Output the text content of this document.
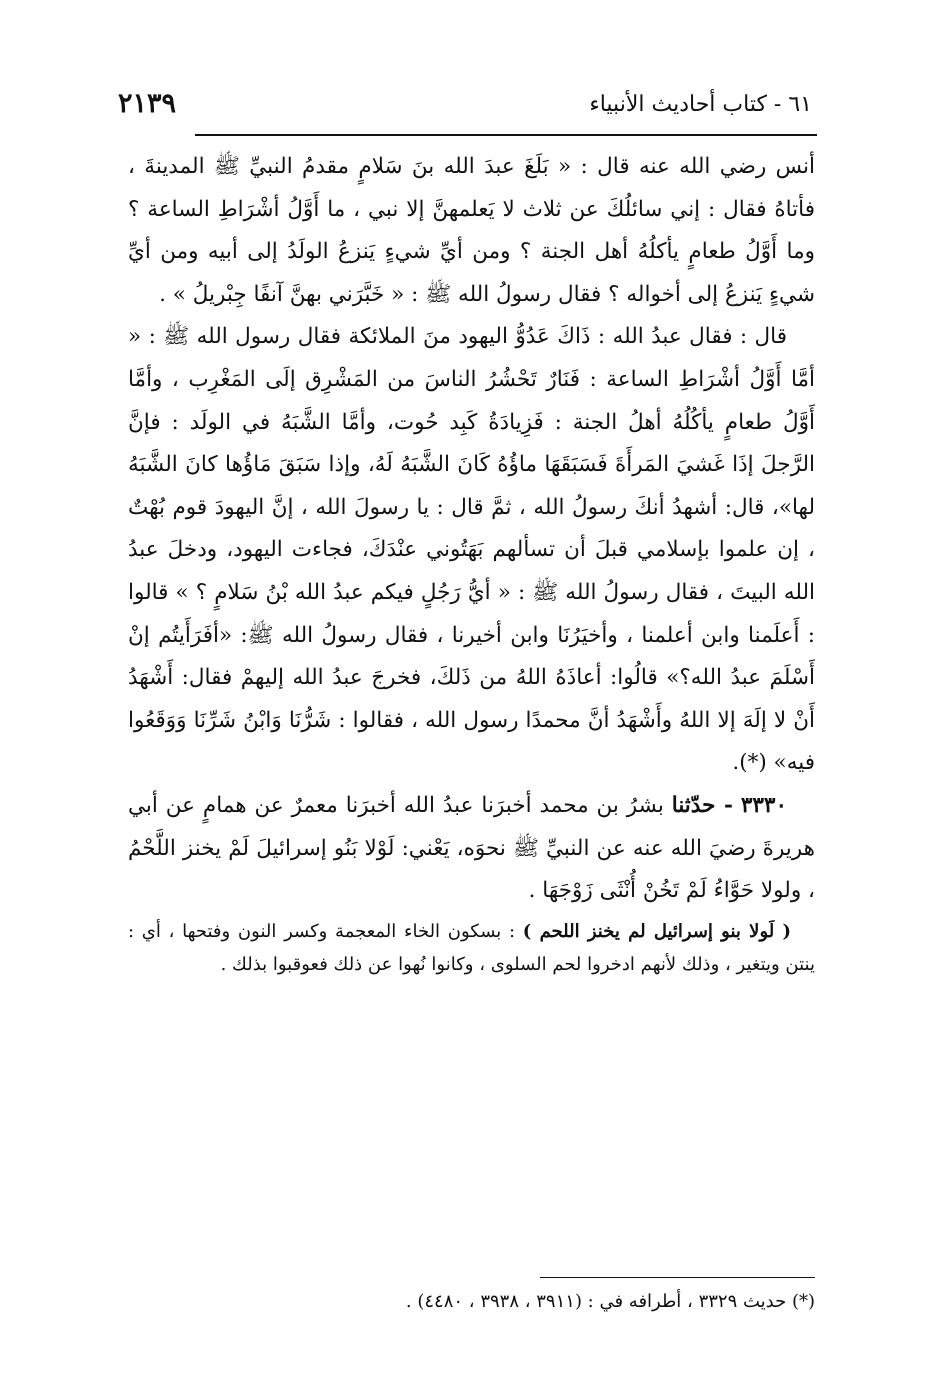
٦١ - كتاب أحاديث الأنبياء
٢١٣٩

أنس رضي الله عنه قال : « بَلَغَ عبدَ الله بنَ سَلامٍ مقدمُ النبيِّ ﷺ المدينةَ ، فأتاهُ فقال : إني سائلُكَ عن ثلاث لا يَعلمهنَّ إلا نبي ، ما أَوَّلُ أشْرَاطِ الساعة ؟ وما أَوَّلُ طعامٍ يأكلُهُ أهل الجنة ؟ ومن أيِّ شيءٍ يَنزعُ الولَدُ إلى أبيه ومن أيِّ شيءٍ يَنزعُ إلى أخواله ؟ فقال رسولُ الله ﷺ : « خَبَّرَني بهنَّ آنفًا جِبْريلُ » .

قال : فقال عبدُ الله : ذَاكَ عَدُوُّ اليهود منَ الملائكة فقال رسول الله ﷺ : « أمَّا أَوَّلُ أشْرَاطِ الساعة : فَنَارٌ تَحْشُرُ الناسَ من المَشْرِق إلَى المَغْرِب ، وأمَّا أَوَّلُ طعامٍ يأكُلُهُ أهلُ الجنة : فَزِيادَةُ كَبِد حُوت، وأمَّا الشَّبَهُ في الولَد : فإنَّ الرَّجلَ إذَا غَشيَ المَرأَةَ فَسَبَقَهَا ماؤُهُ كَانَ الشَّبَهُ لَهُ، وإذا سَبَقَ مَاؤُها كانَ الشَّبَهُ لها»، قال: أشهدُ أنكَ رسولُ الله ، ثمَّ قال : يا رسولَ الله ، إنَّ اليهودَ قوم بُهْتٌ ، إن علموا بإسلامي قبلَ أن تسألهم بَهَتُوني عنْدَكَ، فجاءت اليهود، ودخلَ عبدُ الله البيتَ ، فقال رسولُ الله ﷺ : « أيُّ رَجُلٍ فيكم عبدُ الله بْنُ سَلامٍ ؟ » قالوا : أَعلَمنا وابن أعلمنا ، وأخيَرُنَا وابن أخيرنا ، فقال رسولُ الله ﷺ: «أفَرَأَيتُم إنْ أَسْلَمَ عبدُ الله؟» قالُوا: أعاذَهُ اللهُ من ذَلكَ، فخرجَ عبدُ الله إليهمْ فقال: أَشْهَدُ أَنْ لا إلَهَ إلا اللهُ وأَشْهَدُ أنَّ محمدًا رسول الله ، فقالوا : شَرُّنَا وَابْنُ شَرِّنَا وَوَقَعُوا فيه» (*).

٣٣٣٠ - حدّثنا بشرُ بن محمد أخبرَنا عبدُ الله أخبرَنا معمرٌ عن همامٍ عن أبي هريرةَ رضيَ الله عنه عن النبيِّ ﷺ نحوَه، يَعْني: لَوْلا بَنُو إسرائيلَ لَمْ يخنز اللَّحْمُ ، ولولا حَوَّاءُ لَمْ تَخُنْ أُنْثَى زَوْجَهَا .

( لَولا بنو إسرائيل لم يخنز اللحم ) : بسكون الخاء المعجمة وكسر النون وفتحها ، أي : ينتن ويتغير ، وذلك لأنهم ادخروا لحم السلوى ، وكانوا نُهوا عن ذلك فعوقبوا بذلك .

(*) حديث ٣٣٢٩ ، أطرافه في : (٣٩١١ ، ٣٩٣٨ ، ٤٤٨٠) .
